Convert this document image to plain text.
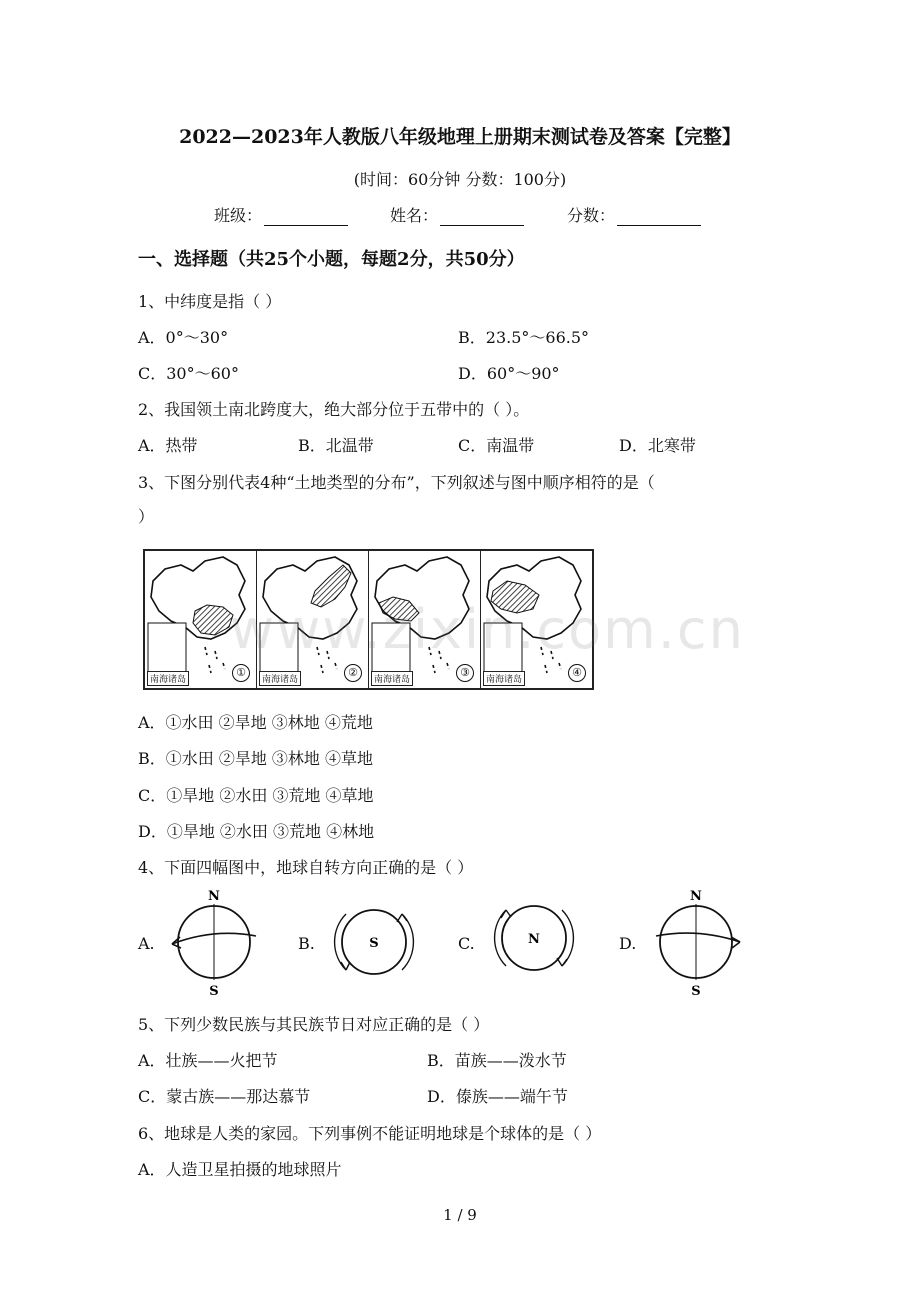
2022—2023年人教版八年级地理上册期末测试卷及答案【完整】
(时间：60分钟 分数：100分)
班级：	姓名：	分数：
一、选择题（共25个小题，每题2分，共50分）
1、中纬度是指（ ）
A．0°～30°	B．23.5°～66.5°
C．30°～60°	D．60°～90°
2、我国领土南北跨度大，绝大部分位于五带中的（ ）。
A．热带	B．北温带	C．南温带	D．北寒带
3、下图分别代表4种“土地类型的分布”，下列叙述与图中顺序相符的是（
）
南海诸岛
①
南海诸岛
②
南海诸岛
③
南海诸岛
④
www.zixin.com.cn
A．①水田 ②旱地 ③林地 ④荒地
B．①水田 ②旱地 ③林地 ④草地
C．①旱地 ②水田 ③荒地 ④草地
D．①旱地 ②水田 ③荒地 ④林地
4、下面四幅图中，地球自转方向正确的是（ ）
A.
N
S
B.	S	C.	N	D.
N
S
5、下列少数民族与其民族节日对应正确的是（ ）
A．壮族——火把节	B．苗族——泼水节
C．蒙古族——那达慕节	D．傣族——端午节
6、地球是人类的家园。下列事例不能证明地球是个球体的是（ ）
A．人造卫星拍摄的地球照片
1 / 9
